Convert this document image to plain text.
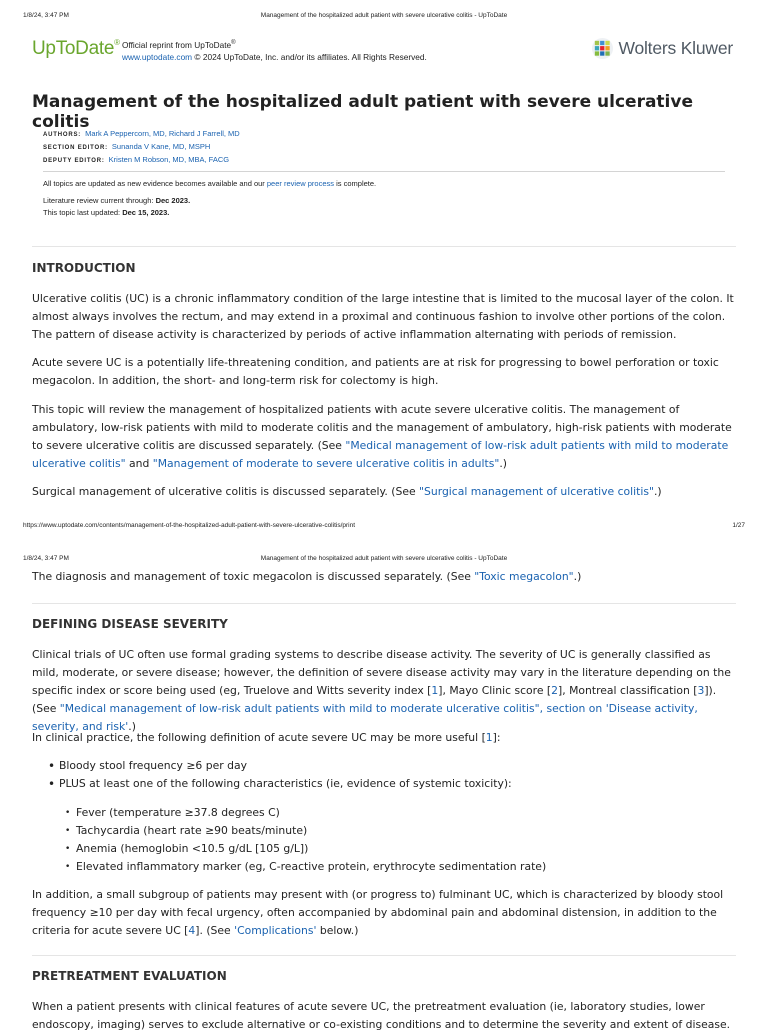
1/8/24, 3:47 PM	Management of the hospitalized adult patient with severe ulcerative colitis - UpToDate
UpToDate® Official reprint from UpToDate®
www.uptodate.com © 2024 UpToDate, Inc. and/or its affiliates. All Rights Reserved.	Wolters Kluwer
Management of the hospitalized adult patient with severe ulcerative colitis
AUTHORS: Mark A Peppercorn, MD, Richard J Farrell, MD
SECTION EDITOR: Sunanda V Kane, MD, MSPH
DEPUTY EDITOR: Kristen M Robson, MD, MBA, FACG
All topics are updated as new evidence becomes available and our peer review process is complete.
Literature review current through: Dec 2023.
This topic last updated: Dec 15, 2023.
INTRODUCTION

Ulcerative colitis (UC) is a chronic inflammatory condition of the large intestine that is limited to the mucosal layer of the colon. It almost always involves the rectum, and may extend in a proximal and continuous fashion to involve other portions of the colon. The pattern of disease activity is characterized by periods of active inflammation alternating with periods of remission.

Acute severe UC is a potentially life-threatening condition, and patients are at risk for progressing to bowel perforation or toxic megacolon. In addition, the short- and long-term risk for colectomy is high.

This topic will review the management of hospitalized patients with acute severe ulcerative colitis. The management of ambulatory, low-risk patients with mild to moderate colitis and the management of ambulatory, high-risk patients with moderate to severe ulcerative colitis are discussed separately. (See "Medical management of low-risk adult patients with mild to moderate ulcerative colitis" and "Management of moderate to severe ulcerative colitis in adults".)

Surgical management of ulcerative colitis is discussed separately. (See "Surgical management of ulcerative colitis".)

https://www.uptodate.com/contents/management-of-the-hospitalized-adult-patient-with-severe-ulcerative-colitis/print	1/27
1/8/24, 3:47 PM	Management of the hospitalized adult patient with severe ulcerative colitis - UpToDate

The diagnosis and management of toxic megacolon is discussed separately. (See "Toxic megacolon".)

DEFINING DISEASE SEVERITY

Clinical trials of UC often use formal grading systems to describe disease activity. The severity of UC is generally classified as mild, moderate, or severe disease; however, the definition of severe disease activity may vary in the literature depending on the specific index or score being used (eg, Truelove and Witts severity index [1], Mayo Clinic score [2], Montreal classification [3]). (See "Medical management of low-risk adult patients with mild to moderate ulcerative colitis", section on 'Disease activity, severity, and risk'.)

In clinical practice, the following definition of acute severe UC may be more useful [1]:

• Bloody stool frequency ≥6 per day
• PLUS at least one of the following characteristics (ie, evidence of systemic toxicity):
• Fever (temperature ≥37.8 degrees C)
• Tachycardia (heart rate ≥90 beats/minute)
• Anemia (hemoglobin <10.5 g/dL [105 g/L])
• Elevated inflammatory marker (eg, C-reactive protein, erythrocyte sedimentation rate)

In addition, a small subgroup of patients may present with (or progress to) fulminant UC, which is characterized by bloody stool frequency ≥10 per day with fecal urgency, often accompanied by abdominal pain and abdominal distension, in addition to the criteria for acute severe UC [4]. (See 'Complications' below.)

PRETREATMENT EVALUATION

When a patient presents with clinical features of acute severe UC, the pretreatment evaluation (ie, laboratory studies, lower endoscopy, imaging) serves to exclude alternative or co-existing conditions and to determine the severity and extent of disease.
